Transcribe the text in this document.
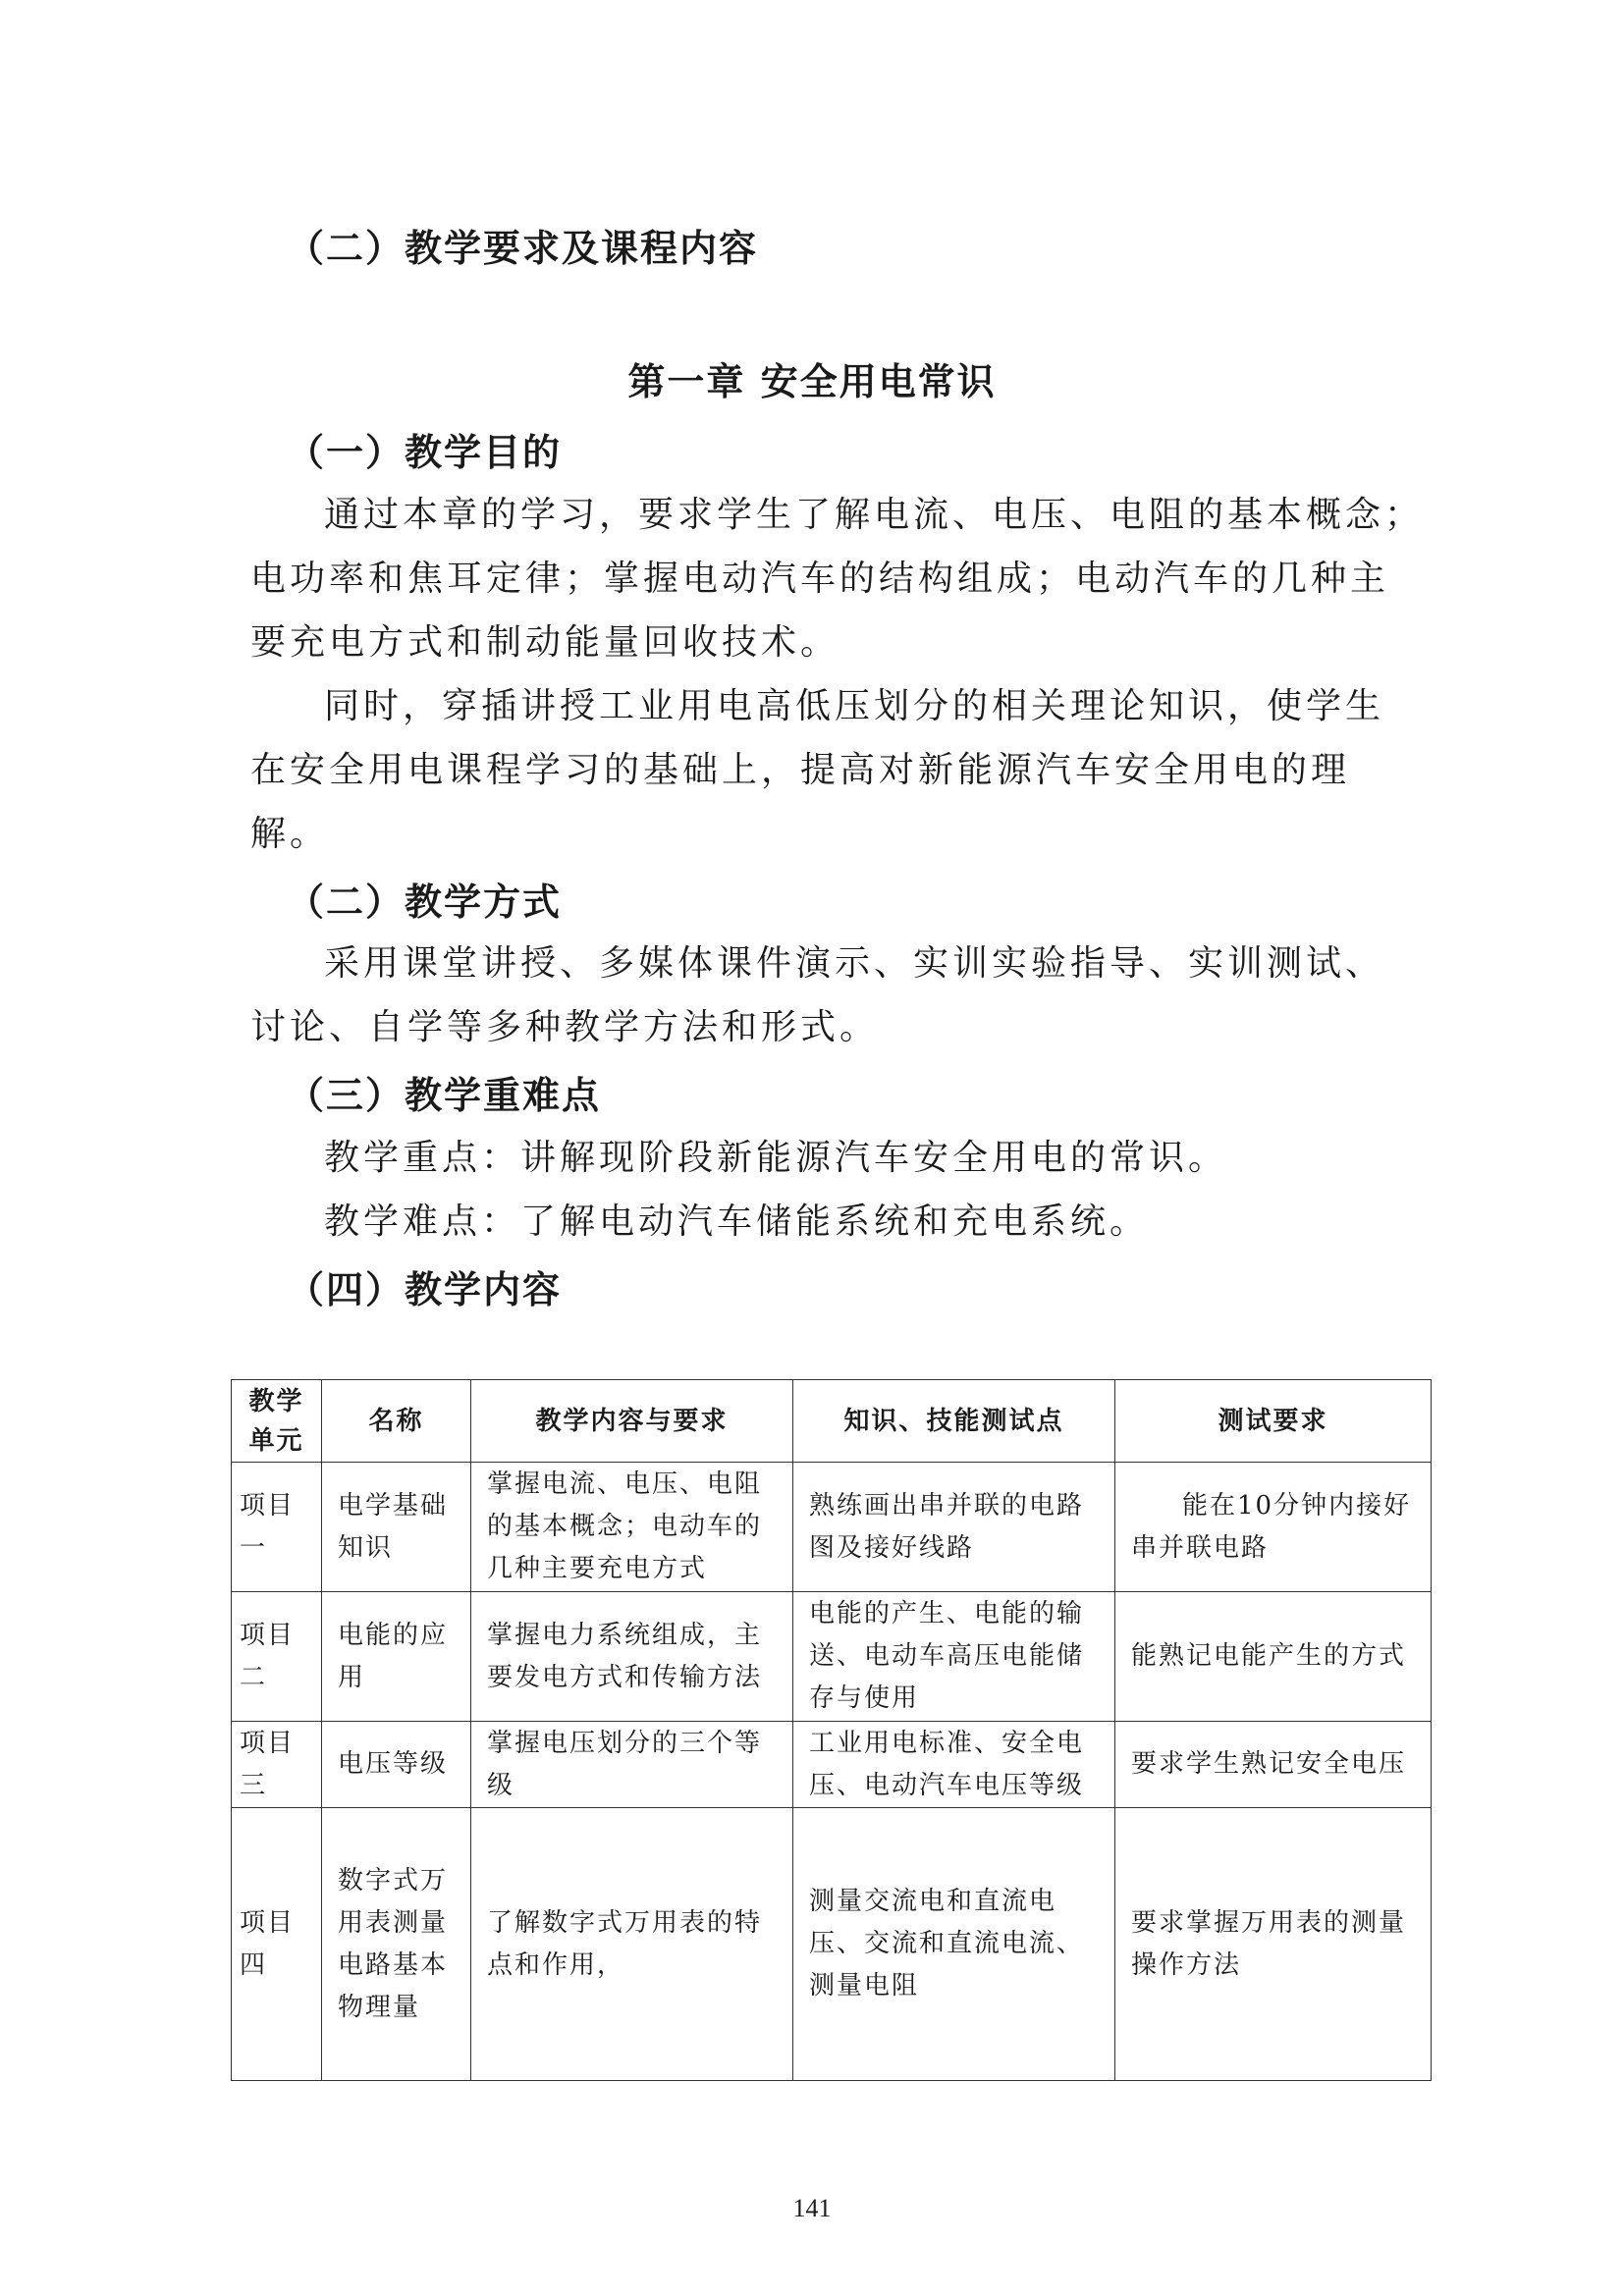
（二）教学要求及课程内容

第一章 安全用电常识

（一）教学目的

通过本章的学习，要求学生了解电流、电压、电阻的基本概念；

电功率和焦耳定律；掌握电动汽车的结构组成；电动汽车的几种主

要充电方式和制动能量回收技术。

同时，穿插讲授工业用电高低压划分的相关理论知识，使学生

在安全用电课程学习的基础上，提高对新能源汽车安全用电的理

解。

（二）教学方式

采用课堂讲授、多媒体课件演示、实训实验指导、实训测试、

讨论、自学等多种教学方法和形式。

（三）教学重难点

教学重点：讲解现阶段新能源汽车安全用电的常识。

教学难点：了解电动汽车储能系统和充电系统。

（四）教学内容

教学单元	名称	教学内容与要求	知识、技能测试点	测试要求
项目一	电学基础知识	掌握电流、电压、电阻的基本概念；电动车的几种主要充电方式	熟练画出串并联的电路图及接好线路	能在10分钟内接好串并联电路
项目二	电能的应用	掌握电力系统组成，主要发电方式和传输方法	电能的产生、电能的输送、电动车高压电能储存与使用	能熟记电能产生的方式
项目三	电压等级	掌握电压划分的三个等级	工业用电标准、安全电压、电动汽车电压等级	要求学生熟记安全电压
项目四	数字式万用表测量电路基本物理量	了解数字式万用表的特点和作用，	测量交流电和直流电压、交流和直流电流、测量电阻	要求掌握万用表的测量操作方法

141
